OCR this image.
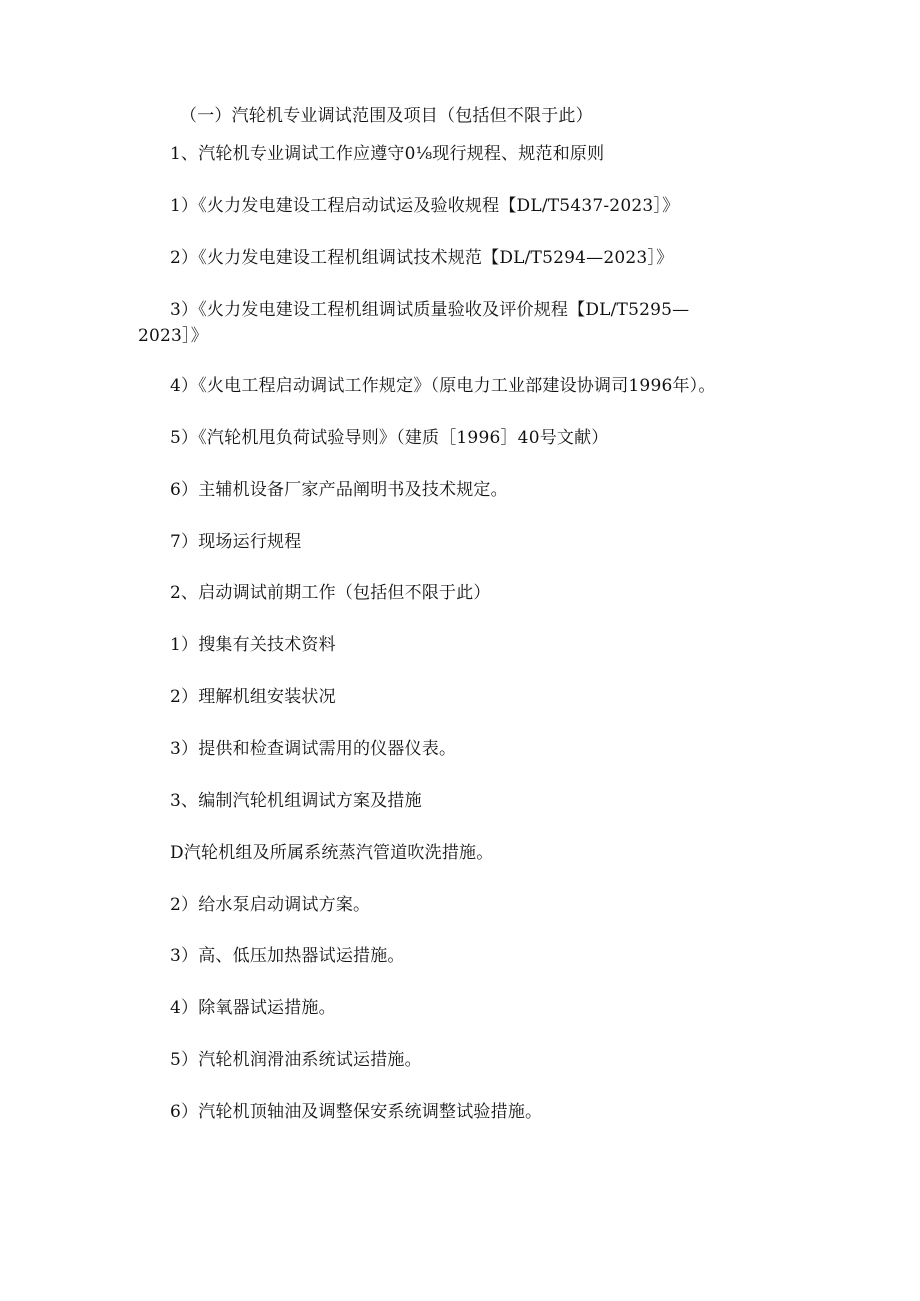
（一）汽轮机专业调试范围及项目（包括但不限于此）
1、汽轮机专业调试工作应遵守0⅛现行规程、规范和原则
1）《火力发电建设工程启动试运及验收规程【DL/T5437-2023］》
2）《火力发电建设工程机组调试技术规范【DL/T5294—2023］》
3）《火力发电建设工程机组调试质量验收及评价规程【DL/T5295—2023］》
4）《火电工程启动调试工作规定》（原电力工业部建设协调司1996年）。
5）《汽轮机甩负荷试验导则》（建质［1996］40号文献）
6）主辅机设备厂家产品阐明书及技术规定。
7）现场运行规程
2、启动调试前期工作（包括但不限于此）
1）搜集有关技术资料
2）理解机组安装状况
3）提供和检查调试需用的仪器仪表。
3、编制汽轮机组调试方案及措施
D汽轮机组及所属系统蒸汽管道吹洗措施。
2）给水泵启动调试方案。
3）高、低压加热器试运措施。
4）除氧器试运措施。
5）汽轮机润滑油系统试运措施。
6）汽轮机顶轴油及调整保安系统调整试验措施。
